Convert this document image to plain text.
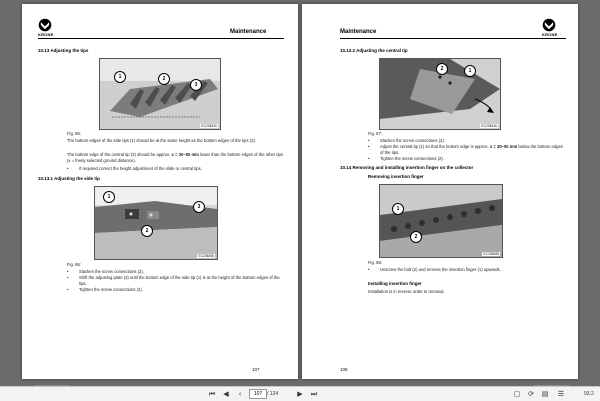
KRONE	Maintenance
10.13 Adjusting the tips
1	2
3
EC208430
Fig. 85:
The bottom edges of the side tips (1) should be at the same height as the bottom edges of the tips (3).
The bottom edge of the central tip (3) should be approx. x = 30–50 mm lower than the bottom edges of the other tips (x = freely selected ground distance).
•	If required correct the height adjustment of the slide or central tips.
10.13.1 Adjusting the side tip
1
3
2
EC208456
Fig. 86:
•	Slacken the screw connections (2).
•	Shift the adjusting plate (3) until the bottom edge of the side tip (1) is at the height of the bottom edges of the tips.
•	Tighten the screw connections (2).
107
Maintenance	KRONE
10.13.2 Adjusting the central tip
2	1
EC208446
Fig. 87:
•	Slacken the screw connections (2).
•	Adjust the central tip (1) so that the bottom edge is approx. x = 30–50 mm below the bottom edges of the tips.
•	Tighten the screw connections (2).
10.14 Removing and installing insertion finger on the collector
Removing insertion finger
1
2
EC208455
Fig. 88:
•	Unscrew the bolt (2) and remove the insertion finger (1) upwards.
Installing insertion finger
Installation is in reverse order to removal.
108
⏮	◀	‹	107 / 124	▶	⏭	▢ ⟳ ▤ ☰	93.2
